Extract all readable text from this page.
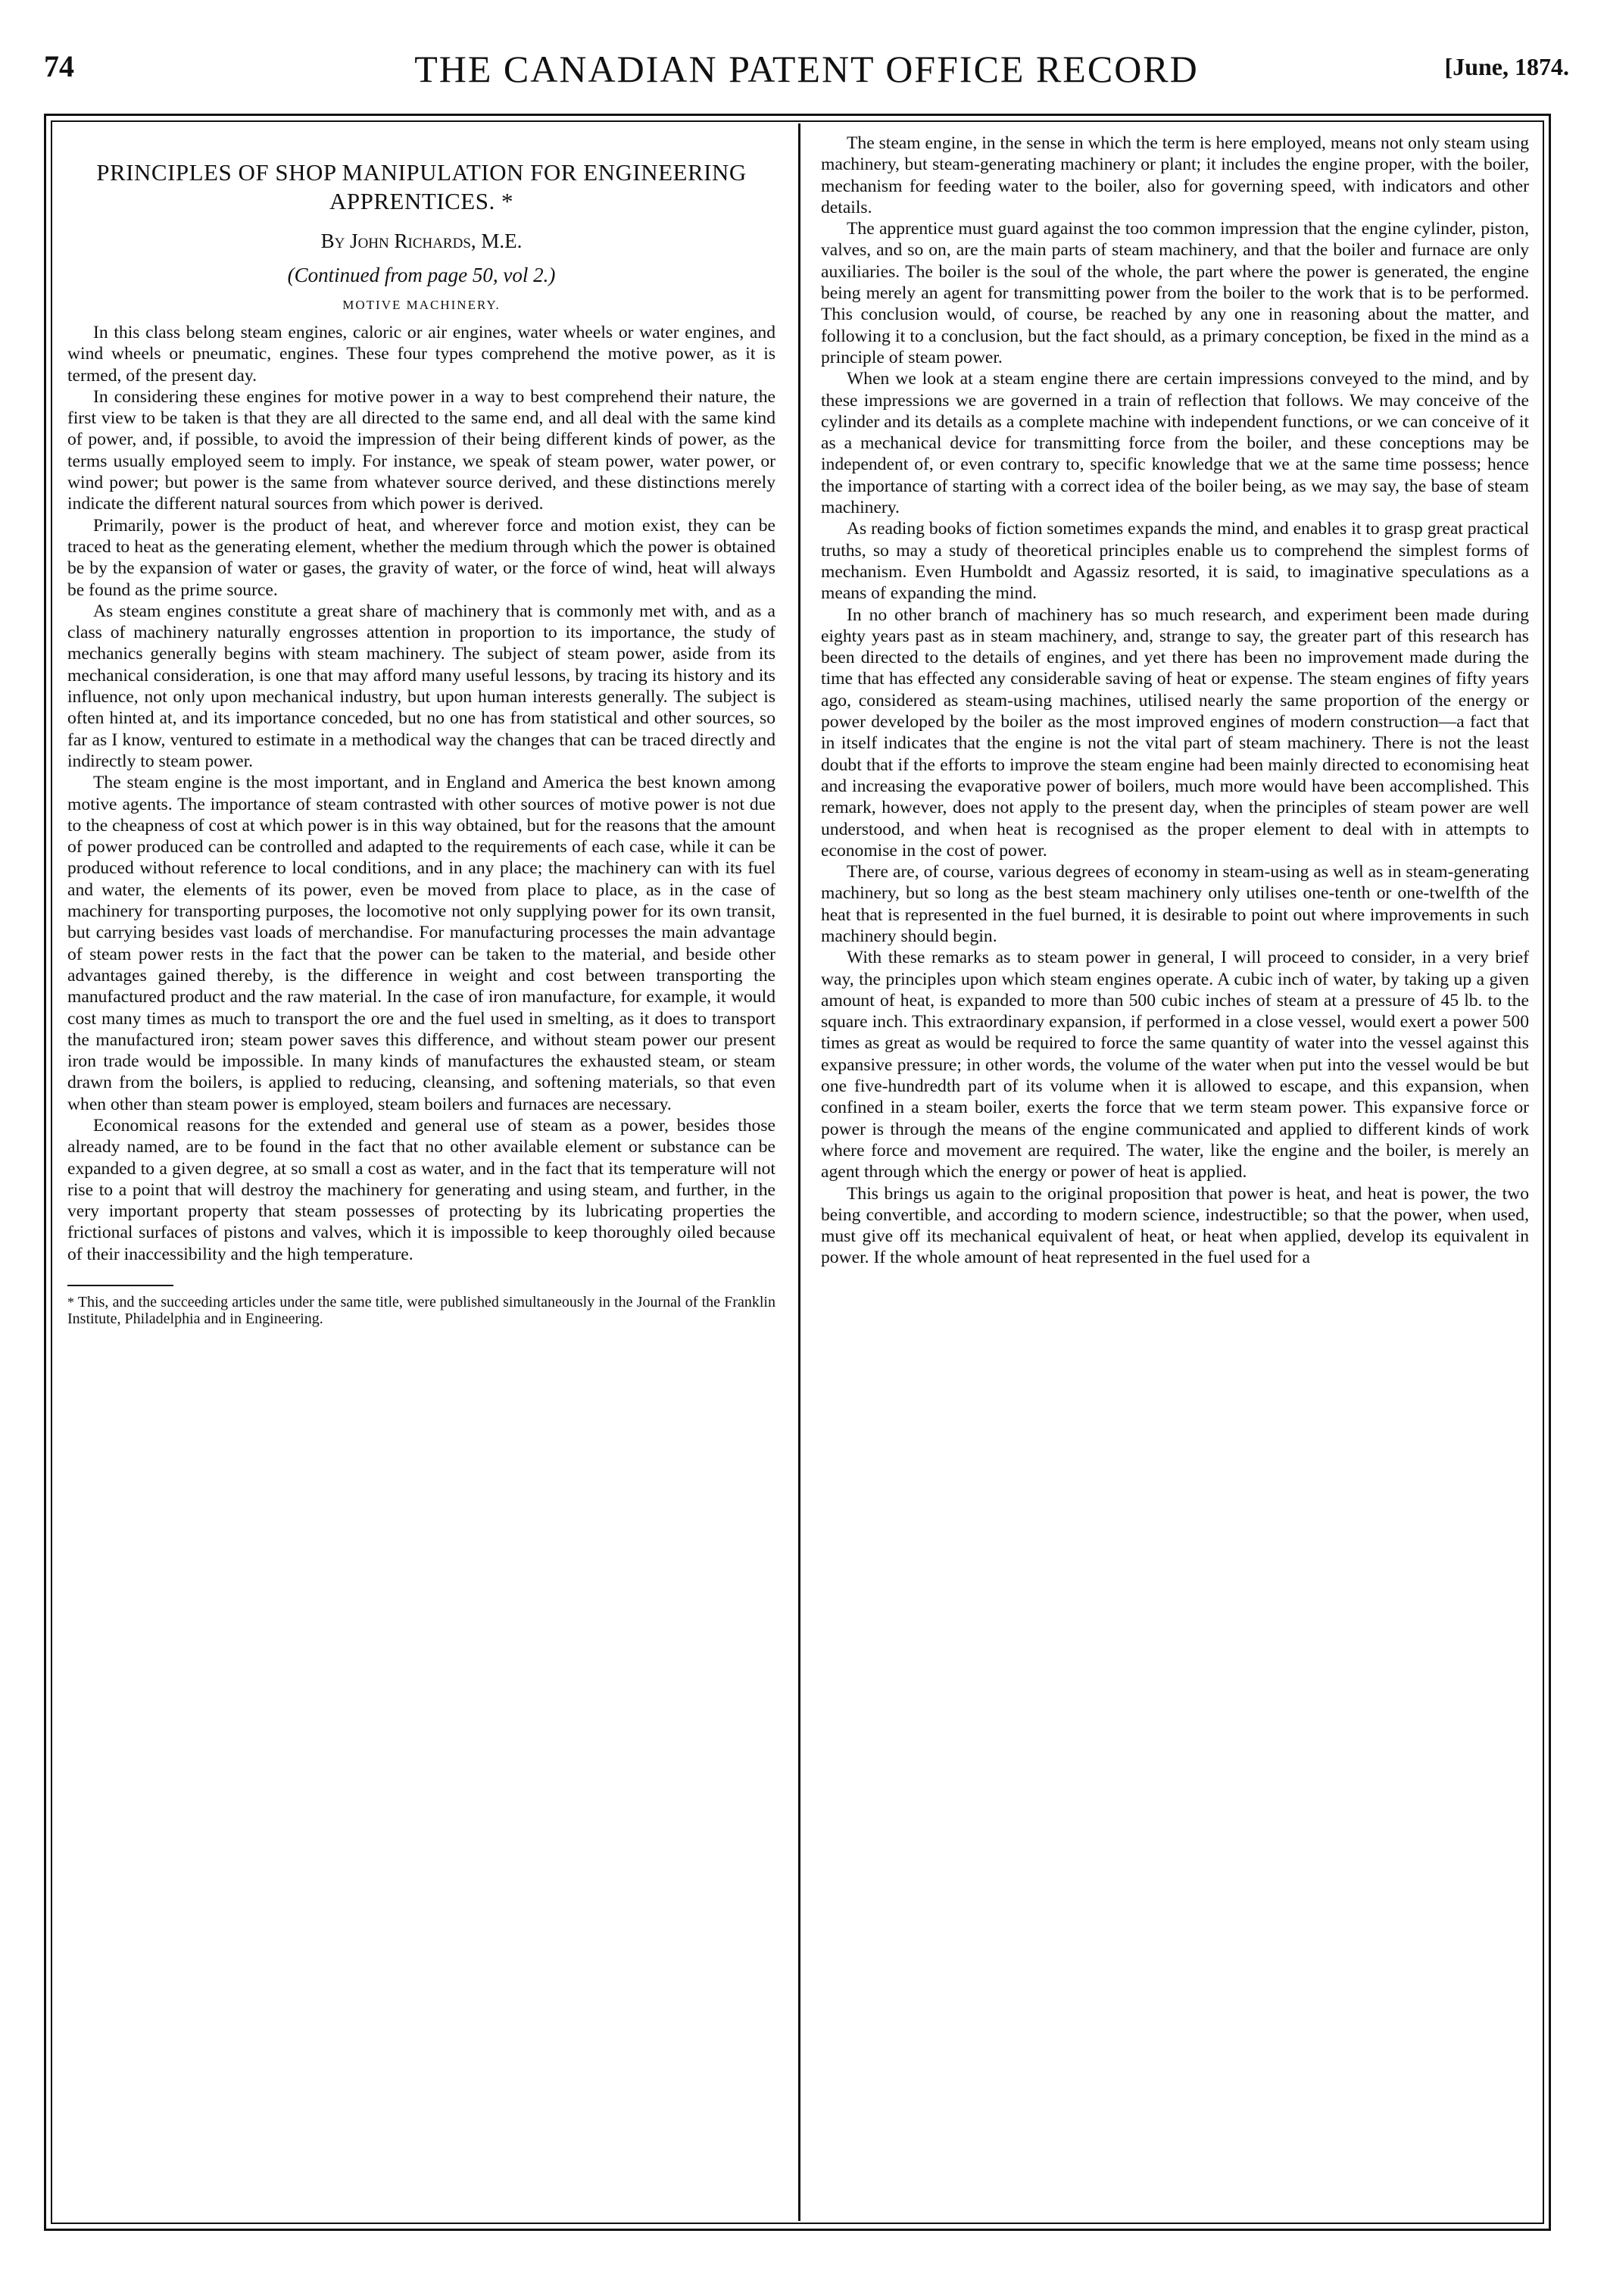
74	THE CANADIAN PATENT OFFICE RECORD	[June, 1874.
PRINCIPLES OF SHOP MANIPULATION FOR ENGINEERING APPRENTICES. *
By John Richards, M.E.
(Continued from page 50, vol 2.)
MOTIVE MACHINERY.

In this class belong steam engines, caloric or air engines, water wheels or water engines, and wind wheels or pneumatic, engines. These four types comprehend the motive power, as it is termed, of the present day.

In considering these engines for motive power in a way to best comprehend their nature, the first view to be taken is that they are all directed to the same end, and all deal with the same kind of power, and, if possible, to avoid the impression of their being different kinds of power, as the terms usually employed seem to imply. For instance, we speak of steam power, water power, or wind power; but power is the same from whatever source derived, and these distinctions merely indicate the different natural sources from which power is derived.

Primarily, power is the product of heat, and wherever force and motion exist, they can be traced to heat as the generating element, whether the medium through which the power is obtained be by the expansion of water or gases, the gravity of water, or the force of wind, heat will always be found as the prime source.

As steam engines constitute a great share of machinery that is commonly met with, and as a class of machinery naturally engrosses attention in proportion to its importance, the study of mechanics generally begins with steam machinery. The subject of steam power, aside from its mechanical consideration, is one that may afford many useful lessons, by tracing its history and its influence, not only upon mechanical industry, but upon human interests generally. The subject is often hinted at, and its importance conceded, but no one has from statistical and other sources, so far as I know, ventured to estimate in a methodical way the changes that can be traced directly and indirectly to steam power.

The steam engine is the most important, and in England and America the best known among motive agents. The importance of steam contrasted with other sources of motive power is not due to the cheapness of cost at which power is in this way obtained, but for the reasons that the amount of power produced can be controlled and adapted to the requirements of each case, while it can be produced without reference to local conditions, and in any place; the machinery can with its fuel and water, the elements of its power, even be moved from place to place, as in the case of machinery for transporting purposes, the locomotive not only supplying power for its own transit, but carrying besides vast loads of merchandise. For manufacturing processes the main advantage of steam power rests in the fact that the power can be taken to the material, and beside other advantages gained thereby, is the difference in weight and cost between transporting the manufactured product and the raw material. In the case of iron manufacture, for example, it would cost many times as much to transport the ore and the fuel used in smelting, as it does to transport the manufactured iron; steam power saves this difference, and without steam power our present iron trade would be impossible. In many kinds of manufactures the exhausted steam, or steam drawn from the boilers, is applied to reducing, cleansing, and softening materials, so that even when other than steam power is employed, steam boilers and furnaces are necessary.

Economical reasons for the extended and general use of steam as a power, besides those already named, are to be found in the fact that no other available element or substance can be expanded to a given degree, at so small a cost as water, and in the fact that its temperature will not rise to a point that will destroy the machinery for generating and using steam, and further, in the very important property that steam possesses of protecting by its lubricating properties the frictional surfaces of pistons and valves, which it is impossible to keep thoroughly oiled because of their inaccessibility and the high temperature.

* This, and the succeeding articles under the same title, were published simultaneously in the Journal of the Franklin Institute, Philadelphia and in Engineering.

The steam engine, in the sense in which the term is here employed, means not only steam using machinery, but steam-generating machinery or plant; it includes the engine proper, with the boiler, mechanism for feeding water to the boiler, also for governing speed, with indicators and other details.

The apprentice must guard against the too common impression that the engine cylinder, piston, valves, and so on, are the main parts of steam machinery, and that the boiler and furnace are only auxiliaries. The boiler is the soul of the whole, the part where the power is generated, the engine being merely an agent for transmitting power from the boiler to the work that is to be performed. This conclusion would, of course, be reached by any one in reasoning about the matter, and following it to a conclusion, but the fact should, as a primary conception, be fixed in the mind as a principle of steam power.

When we look at a steam engine there are certain impressions conveyed to the mind, and by these impressions we are governed in a train of reflection that follows. We may conceive of the cylinder and its details as a complete machine with independent functions, or we can conceive of it as a mechanical device for transmitting force from the boiler, and these conceptions may be independent of, or even contrary to, specific knowledge that we at the same time possess; hence the importance of starting with a correct idea of the boiler being, as we may say, the base of steam machinery.

As reading books of fiction sometimes expands the mind, and enables it to grasp great practical truths, so may a study of theoretical principles enable us to comprehend the simplest forms of mechanism. Even Humboldt and Agassiz resorted, it is said, to imaginative speculations as a means of expanding the mind.

In no other branch of machinery has so much research, and experiment been made during eighty years past as in steam machinery, and, strange to say, the greater part of this research has been directed to the details of engines, and yet there has been no improvement made during the time that has effected any considerable saving of heat or expense. The steam engines of fifty years ago, considered as steam-using machines, utilised nearly the same proportion of the energy or power developed by the boiler as the most improved engines of modern construction—a fact that in itself indicates that the engine is not the vital part of steam machinery. There is not the least doubt that if the efforts to improve the steam engine had been mainly directed to economising heat and increasing the evaporative power of boilers, much more would have been accomplished. This remark, however, does not apply to the present day, when the principles of steam power are well understood, and when heat is recognised as the proper element to deal with in attempts to economise in the cost of power.

There are, of course, various degrees of economy in steam-using as well as in steam-generating machinery, but so long as the best steam machinery only utilises one-tenth or one-twelfth of the heat that is represented in the fuel burned, it is desirable to point out where improvements in such machinery should begin.

With these remarks as to steam power in general, I will proceed to consider, in a very brief way, the principles upon which steam engines operate. A cubic inch of water, by taking up a given amount of heat, is expanded to more than 500 cubic inches of steam at a pressure of 45 lb. to the square inch. This extraordinary expansion, if performed in a close vessel, would exert a power 500 times as great as would be required to force the same quantity of water into the vessel against this expansive pressure; in other words, the volume of the water when put into the vessel would be but one five-hundredth part of its volume when it is allowed to escape, and this expansion, when confined in a steam boiler, exerts the force that we term steam power. This expansive force or power is through the means of the engine communicated and applied to different kinds of work where force and movement are required. The water, like the engine and the boiler, is merely an agent through which the energy or power of heat is applied.

This brings us again to the original proposition that power is heat, and heat is power, the two being convertible, and according to modern science, indestructible; so that the power, when used, must give off its mechanical equivalent of heat, or heat when applied, develop its equivalent in power. If the whole amount of heat represented in the fuel used for a
